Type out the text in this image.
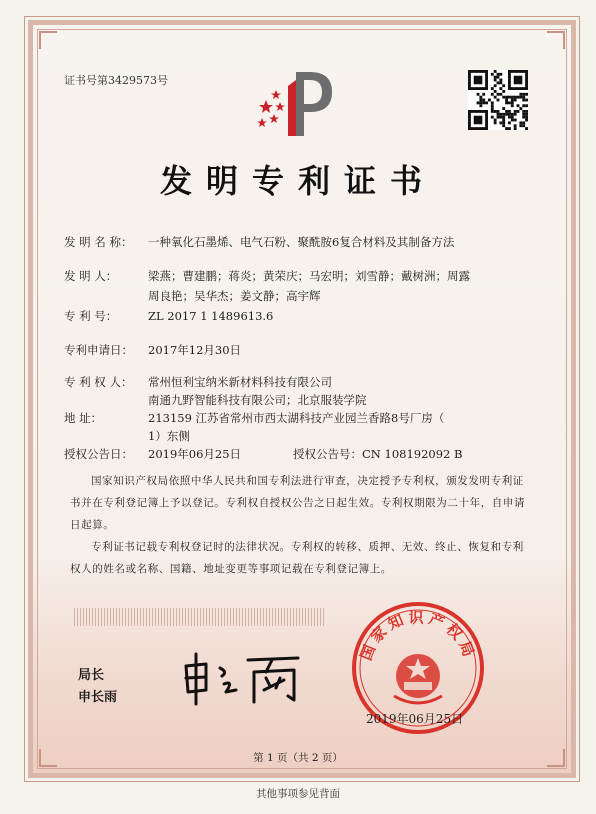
证书号第3429573号
发明专利证书
发 明 名 称： 一种氧化石墨烯、电气石粉、聚酰胺6复合材料及其制备方法
发 明 人：	梁燕；曹建鹏；蒋炎；黄荣庆；马宏明；刘雪静；戴树洲；周露
周良艳；吴华杰；姜文静；高宇辉
专 利 号：	ZL 2017 1 1489613.6
专利申请日： 2017年12月30日
专 利 权 人： 常州恒利宝纳米新材料科技有限公司
南通九野智能科技有限公司；北京服装学院
地 址：	213159 江苏省常州市西太湖科技产业园兰香路8号厂房（
1）东侧
授权公告日： 2019年06月25日	授权公告号：CN 108192092 B
国家知识产权局依照中华人民共和国专利法进行审查，决定授予专利权，颁发发明专利证书并在专利登记簿上予以登记。专利权自授权公告之日起生效。专利权期限为二十年，自申请日起算。
专利证书记载专利权登记时的法律状况。专利权的转移、质押、无效、终止、恢复和专利权人的姓名或名称、国籍、地址变更等事项记载在专利登记簿上。
局长
申长雨
国家知识产权局
2019年06月25日
第 1 页（共 2 页）
其他事项参见背面
